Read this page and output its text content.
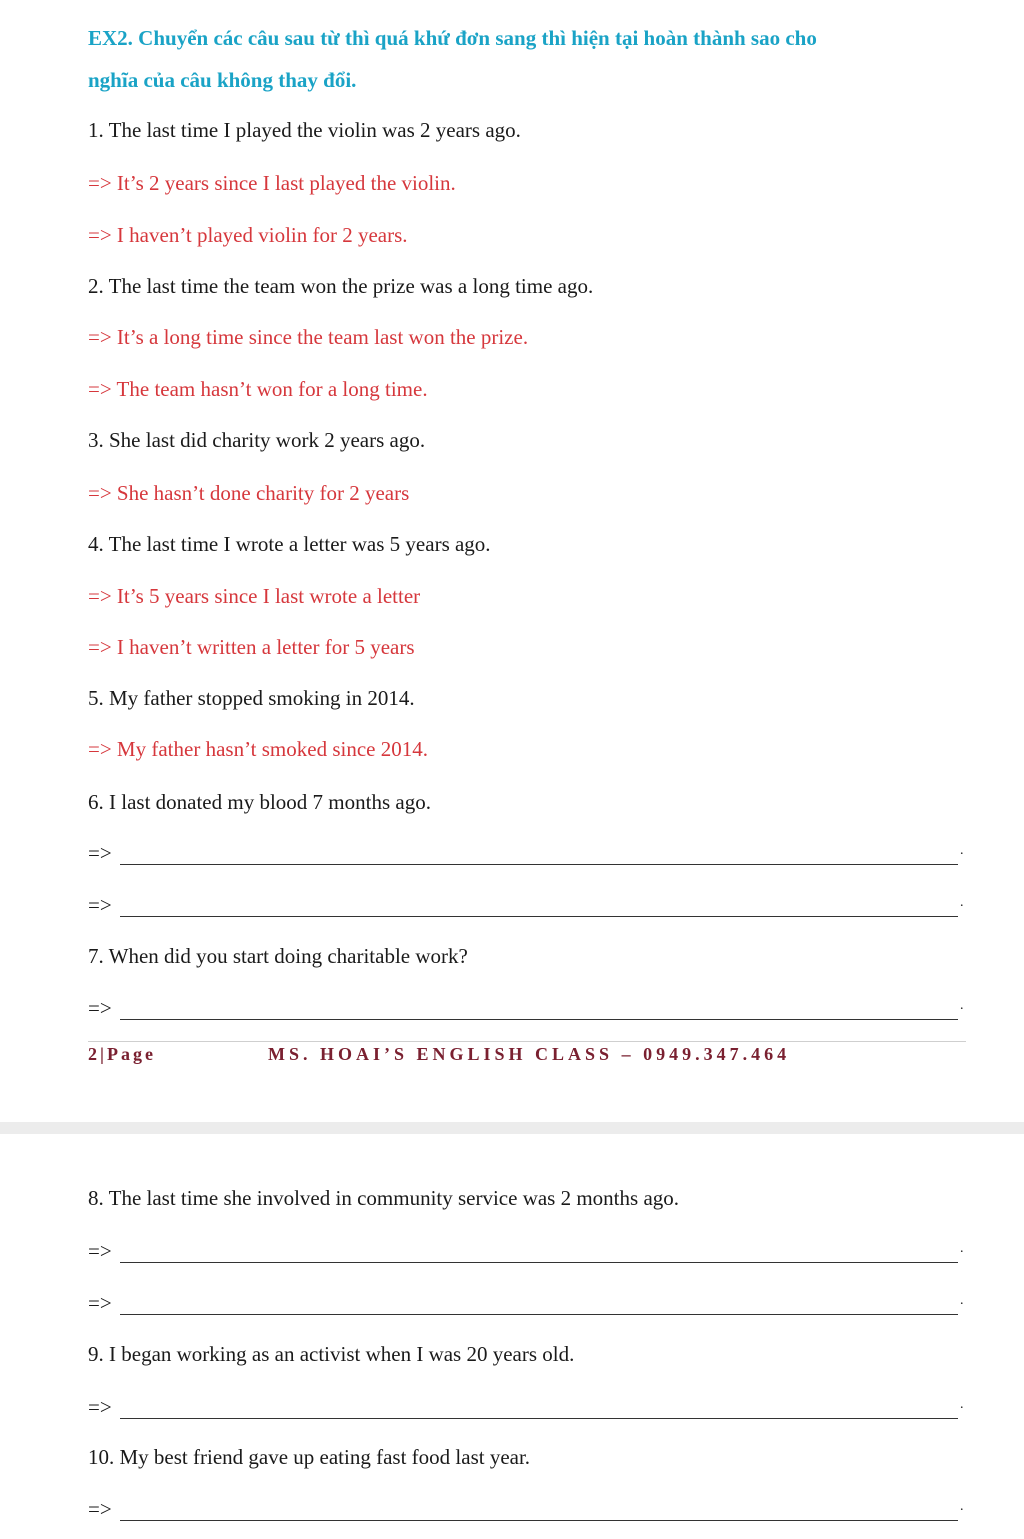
EX2. Chuyển các câu sau từ thì quá khứ đơn sang thì hiện tại hoàn thành sao cho
nghĩa của câu không thay đổi.
1. The last time I played the violin was 2 years ago.
=> It’s 2 years since I last played the violin.
=> I haven’t played violin for 2 years.
2. The last time the team won the prize was a long time ago.
=> It’s a long time since the team last won the prize.
=> The team hasn’t won for a long time.
3. She last did charity work 2 years ago.
=> She hasn’t done charity for 2 years
4. The last time I wrote a letter was 5 years ago.
=> It’s 5 years since I last wrote a letter
=> I haven’t written a letter for 5 years
5. My father stopped smoking in 2014.
=> My father hasn’t smoked since 2014.
6. I last donated my blood 7 months ago.
=>	.
=>	.
7. When did you start doing charitable work?
=>	.
2|Page	MS. HOAI’S ENGLISH CLASS – 0949.347.464
8. The last time she involved in community service was 2 months ago.
=>	.
=>	.
9. I began working as an activist when I was 20 years old.
=>	.
10. My best friend gave up eating fast food last year.
=>	.
